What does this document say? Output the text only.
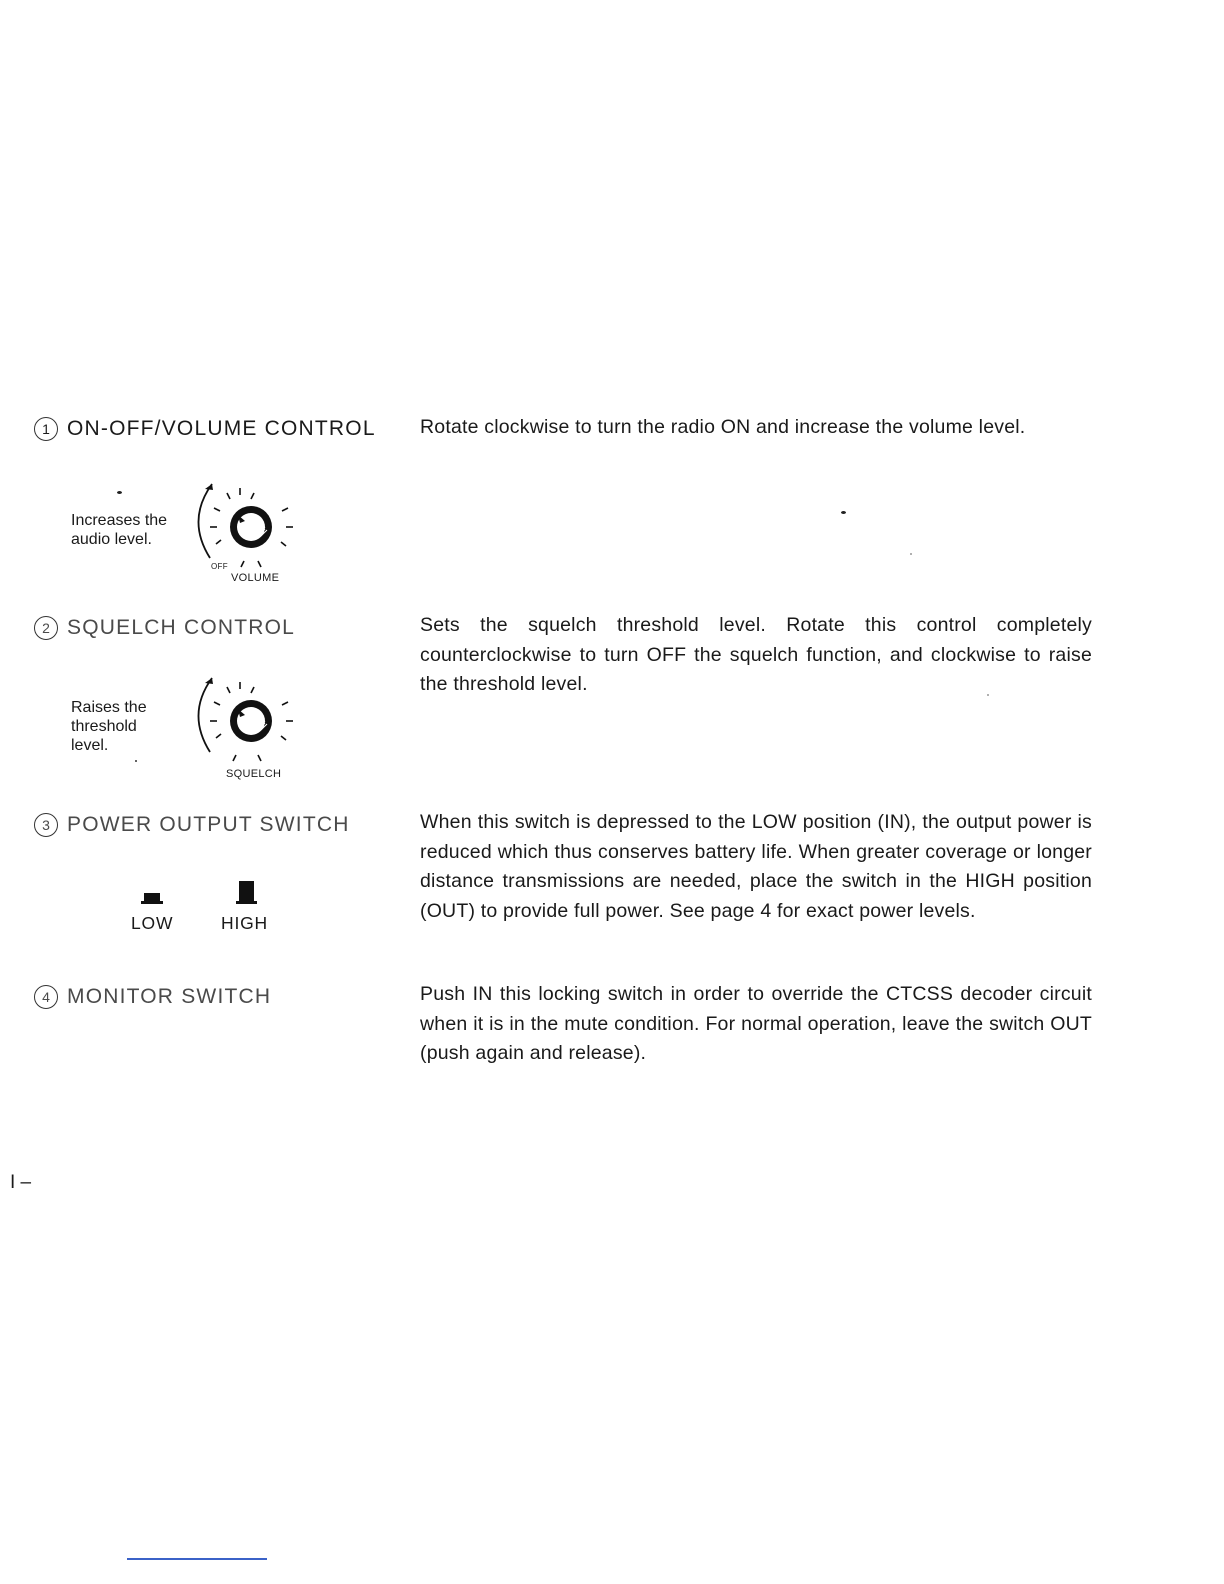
1 ON-OFF/VOLUME CONTROL Rotate clockwise to turn the radio ON and increase the volume level.
Increases the audio level.
OFF
VOLUME
2 SQUELCH CONTROL	Sets the squelch threshold level. Rotate this control completely counterclockwise to turn OFF the squelch function, and clockwise to raise the threshold level.
Raises the threshold level.
SQUELCH
3 POWER OUTPUT SWITCH	When this switch is depressed to the LOW position (IN), the output power is reduced which thus conserves battery life. When greater coverage or longer distance transmissions are needed, place the switch in the HIGH position (OUT) to provide full power. See page 4 for exact power levels.
LOW	HIGH
4 MONITOR SWITCH	Push IN this locking switch in order to override the CTCSS decoder circuit when it is in the mute condition. For normal operation, leave the switch OUT (push again and release).
I –
